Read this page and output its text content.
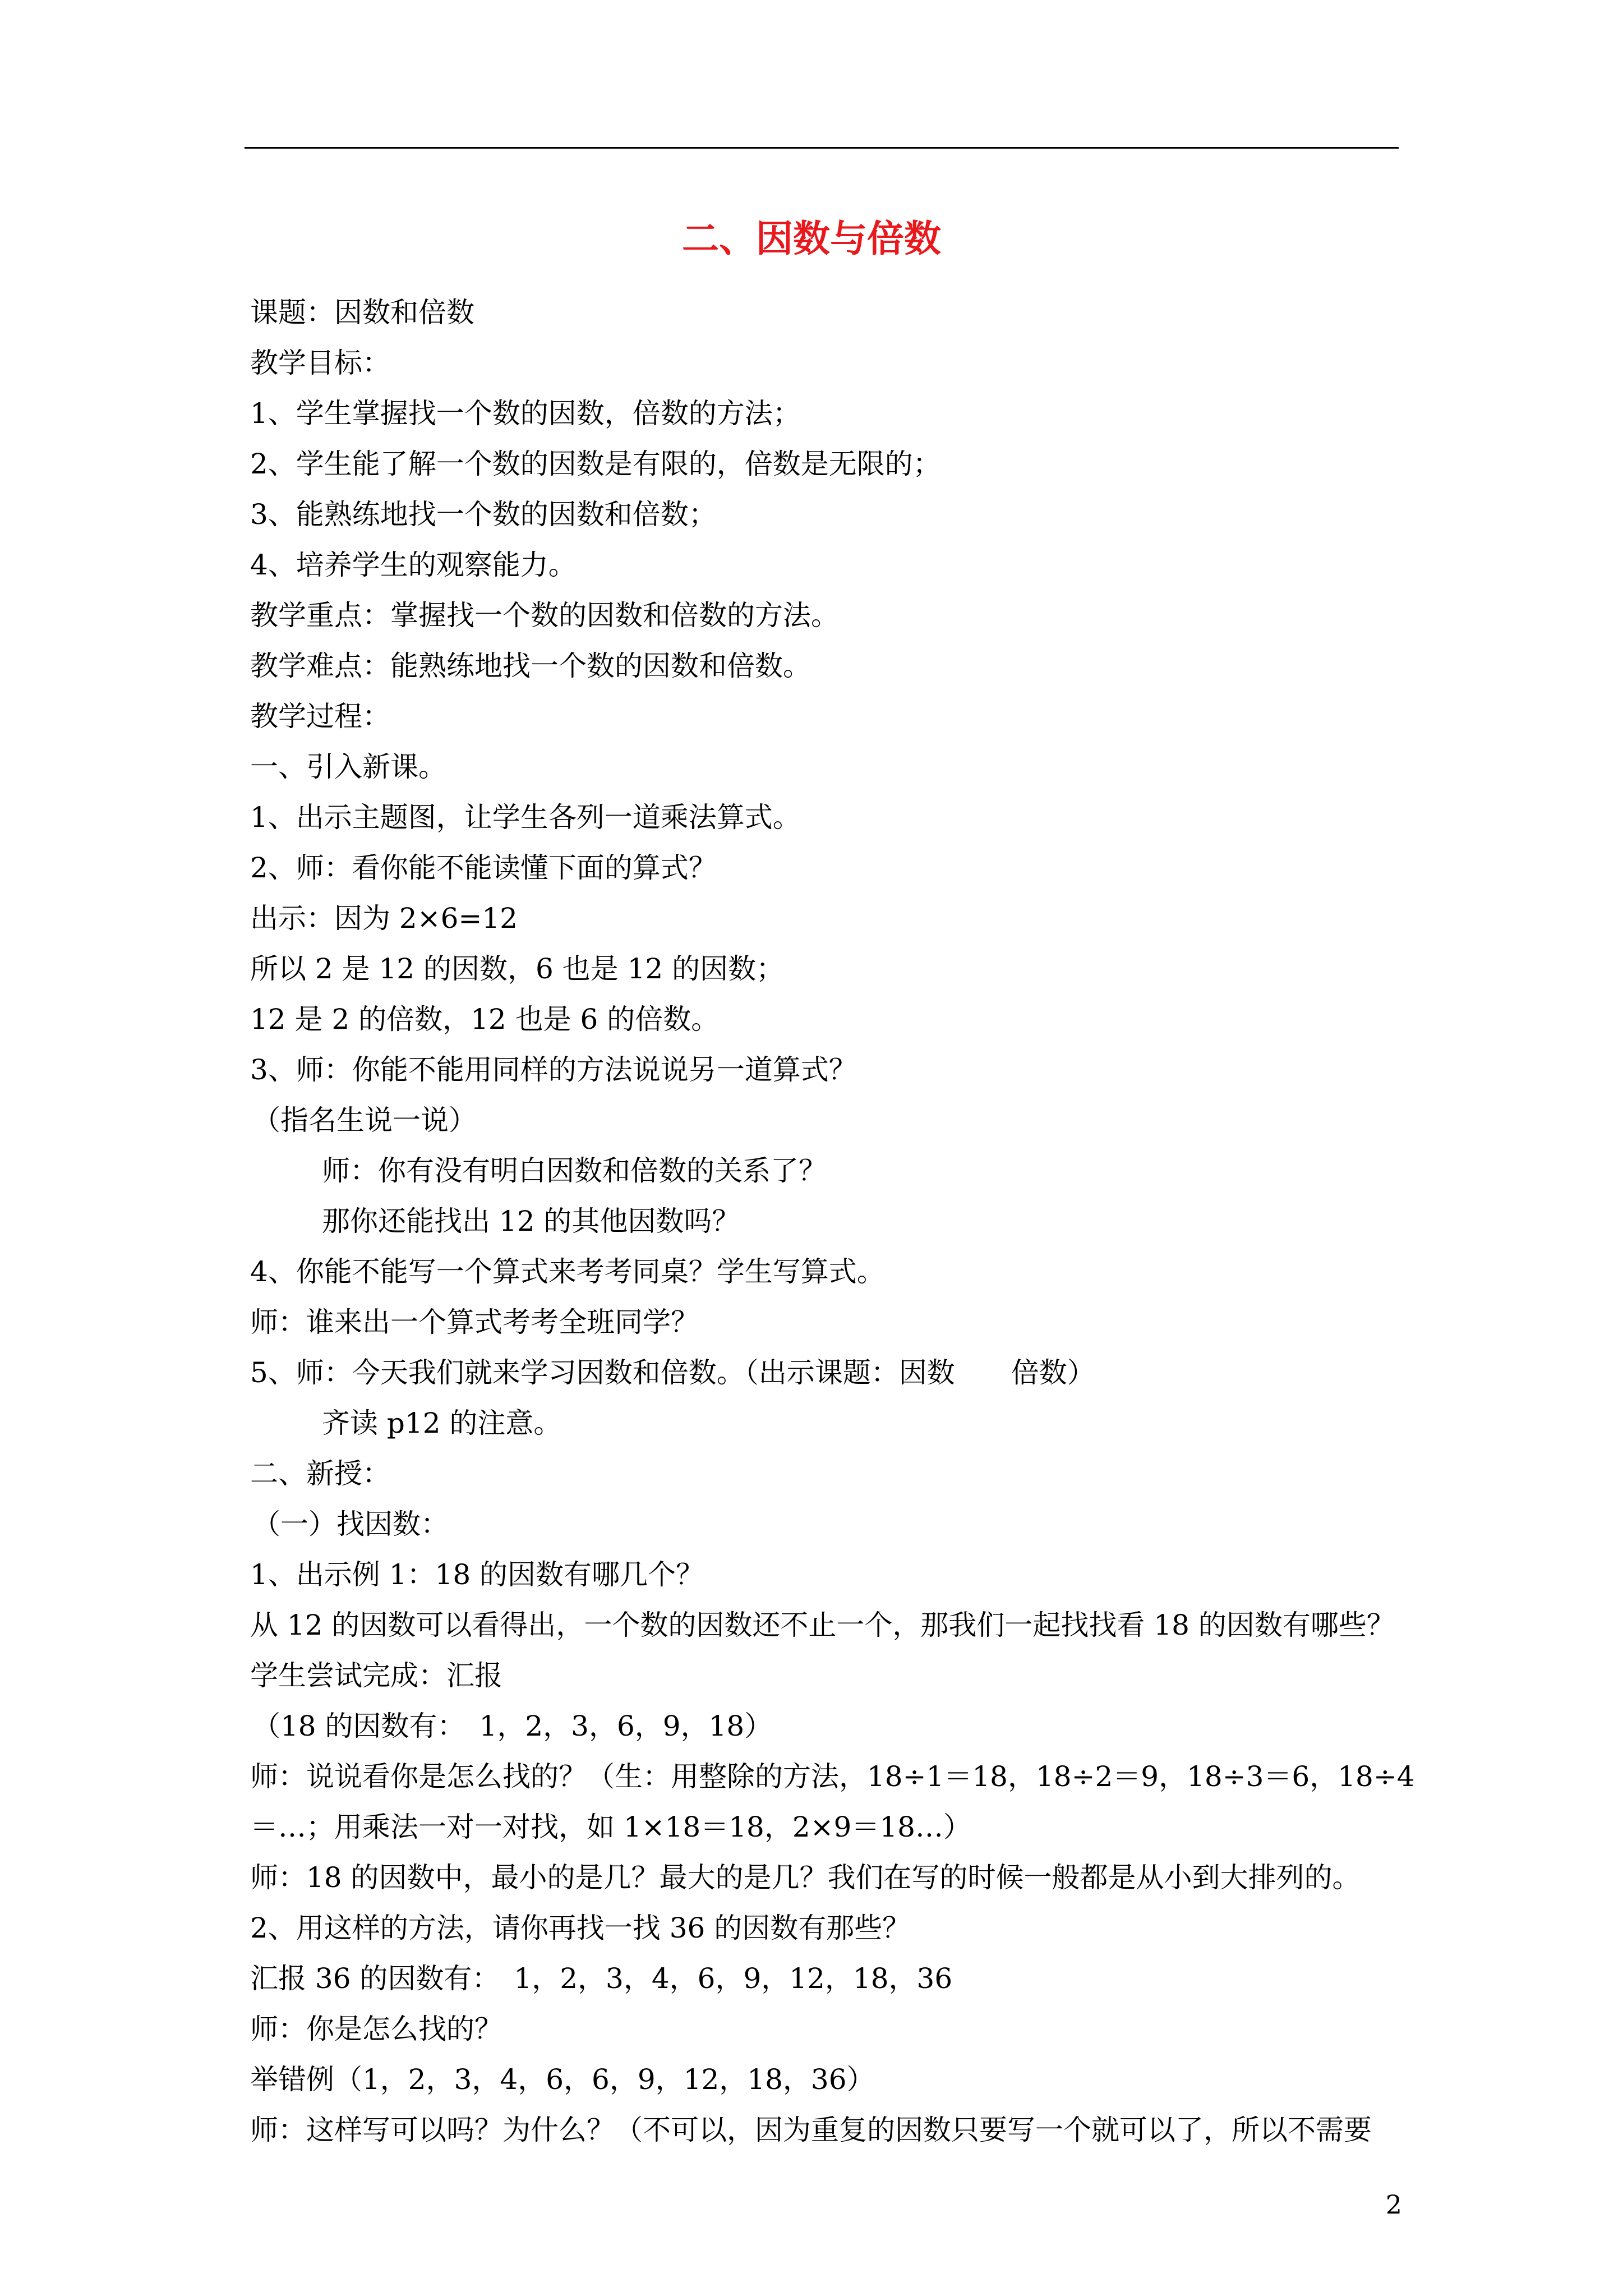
二、因数与倍数
课题：因数和倍数
教学目标：
1、学生掌握找一个数的因数，倍数的方法；
2、学生能了解一个数的因数是有限的，倍数是无限的；
3、能熟练地找一个数的因数和倍数；
4、培养学生的观察能力。
教学重点：掌握找一个数的因数和倍数的方法。
教学难点：能熟练地找一个数的因数和倍数。
教学过程：
一、引入新课。
1、出示主题图，让学生各列一道乘法算式。
2、师：看你能不能读懂下面的算式？
出示：因为 2×6=12
所以 2 是 12 的因数，6 也是 12 的因数；
12 是 2 的倍数，12 也是 6 的倍数。
3、师：你能不能用同样的方法说说另一道算式？
（指名生说一说）
师：你有没有明白因数和倍数的关系了？
那你还能找出 12 的其他因数吗？
4、你能不能写一个算式来考考同桌？学生写算式。
师：谁来出一个算式考考全班同学？
5、师：今天我们就来学习因数和倍数。（出示课题：因数　　倍数）
齐读 p12 的注意。
二、新授：
（一）找因数：
1、出示例 1：18 的因数有哪几个？
从 12 的因数可以看得出，一个数的因数还不止一个，那我们一起找找看 18 的因数有哪些？
学生尝试完成：汇报
（18 的因数有：　1，2，3，6，9，18）
师：说说看你是怎么找的？（生：用整除的方法，18÷1＝18，18÷2＝9，18÷3＝6，18÷4
＝…；用乘法一对一对找，如 1×18＝18，2×9＝18…）
师：18 的因数中，最小的是几？最大的是几？我们在写的时候一般都是从小到大排列的。
2、用这样的方法，请你再找一找 36 的因数有那些？
汇报 36 的因数有：　1，2，3，4，6，9，12，18，36
师：你是怎么找的？
举错例（1，2，3，4，6，6，9，12，18，36）
师：这样写可以吗？为什么？（不可以，因为重复的因数只要写一个就可以了，所以不需要
2
